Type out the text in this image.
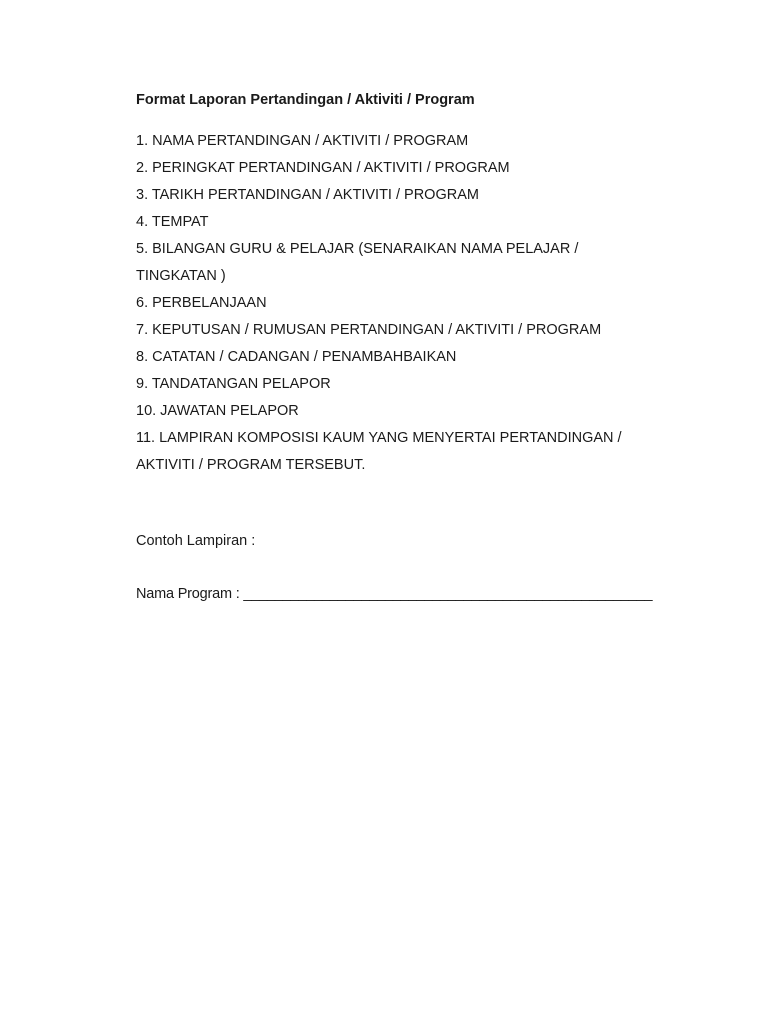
Format Laporan Pertandingan / Aktiviti / Program

1. NAMA PERTANDINGAN / AKTIVITI / PROGRAM
2. PERINGKAT PERTANDINGAN / AKTIVITI / PROGRAM
3. TARIKH PERTANDINGAN / AKTIVITI / PROGRAM
4. TEMPAT
5. BILANGAN GURU & PELAJAR (SENARAIKAN NAMA PELAJAR /
TINGKATAN )
6. PERBELANJAAN
7. KEPUTUSAN / RUMUSAN PERTANDINGAN / AKTIVITI / PROGRAM
8. CATATAN / CADANGAN / PENAMBAHBAIKAN
9. TANDATANGAN PELAPOR
10. JAWATAN PELAPOR
11. LAMPIRAN KOMPOSISI KAUM YANG MENYERTAI PERTANDINGAN /
AKTIVITI / PROGRAM TERSEBUT.

Contoh Lampiran :

Nama Program : ____________________________________________________
